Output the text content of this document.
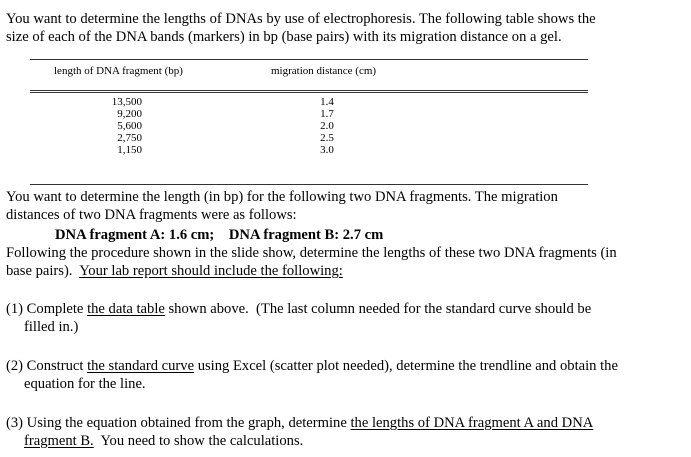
You want to determine the lengths of DNAs by use of electrophoresis. The following table shows the
size of each of the DNA bands (markers) in bp (base pairs) with its migration distance on a gel.
length of DNA fragment (bp)	migration distance (cm)
13,500	1.4
9,200	1.7
5,600	2.0
2,750	2.5
1,150	3.0
You want to determine the length (in bp) for the following two DNA fragments. The migration
distances of two DNA fragments were as follows:
DNA fragment A: 1.6 cm;    DNA fragment B: 2.7 cm
Following the procedure shown in the slide show, determine the lengths of these two DNA fragments (in
base pairs).  Your lab report should include the following:
(1) Complete the data table shown above.  (The last column needed for the standard curve should be
filled in.)
(2) Construct the standard curve using Excel (scatter plot needed), determine the trendline and obtain the
equation for the line.
(3) Using the equation obtained from the graph, determine the lengths of DNA fragment A and DNA
fragment B.  You need to show the calculations.
